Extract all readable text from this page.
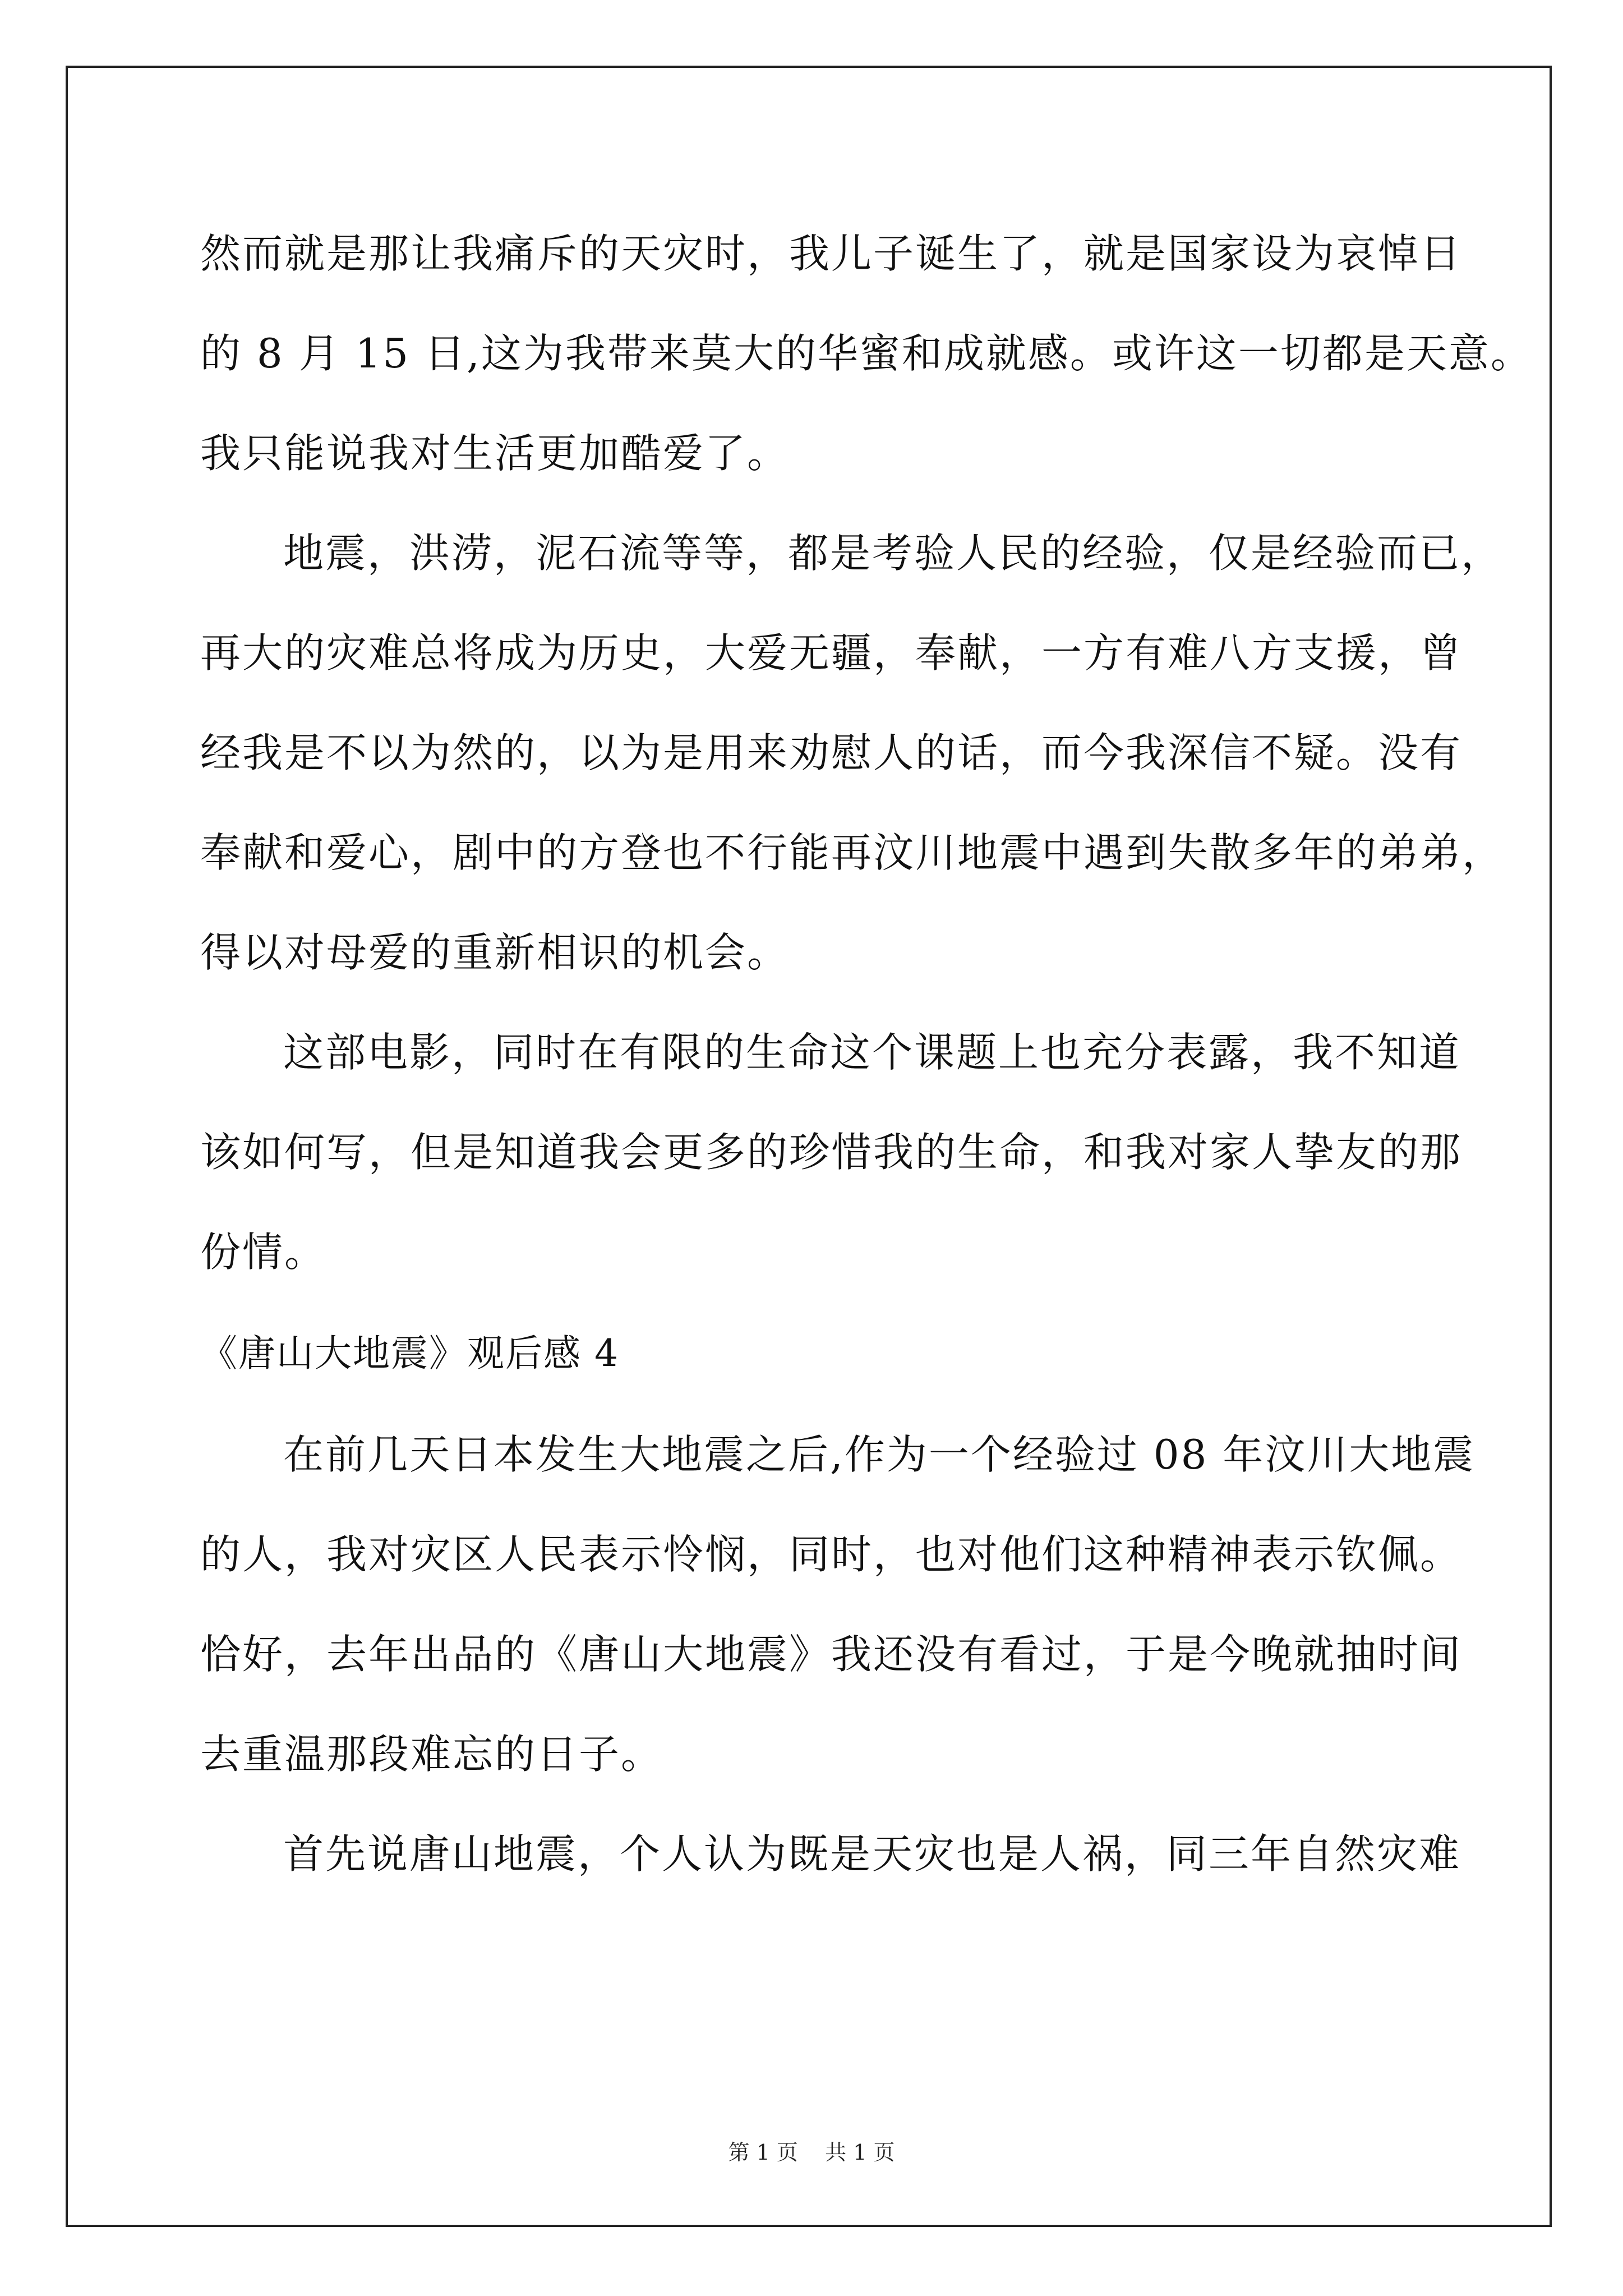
然而就是那让我痛斥的天灾时，我儿子诞生了，就是国家设为哀悼日
的 8 月 15 日,这为我带来莫大的华蜜和成就感。或许这一切都是天意。
我只能说我对生活更加酷爱了。
地震，洪涝，泥石流等等，都是考验人民的经验，仅是经验而已，
再大的灾难总将成为历史，大爱无疆，奉献，一方有难八方支援，曾
经我是不以为然的，以为是用来劝慰人的话，而今我深信不疑。没有
奉献和爱心，剧中的方登也不行能再汶川地震中遇到失散多年的弟弟，
得以对母爱的重新相识的机会。
这部电影，同时在有限的生命这个课题上也充分表露，我不知道
该如何写，但是知道我会更多的珍惜我的生命，和我对家人挚友的那
份情。
《唐山大地震》观后感 4
在前几天日本发生大地震之后,作为一个经验过 08 年汶川大地震
的人，我对灾区人民表示怜悯，同时，也对他们这种精神表示钦佩。
恰好，去年出品的《唐山大地震》我还没有看过，于是今晚就抽时间
去重温那段难忘的日子。
首先说唐山地震，个人认为既是天灾也是人祸，同三年自然灾难
第 1 页    共 1 页
